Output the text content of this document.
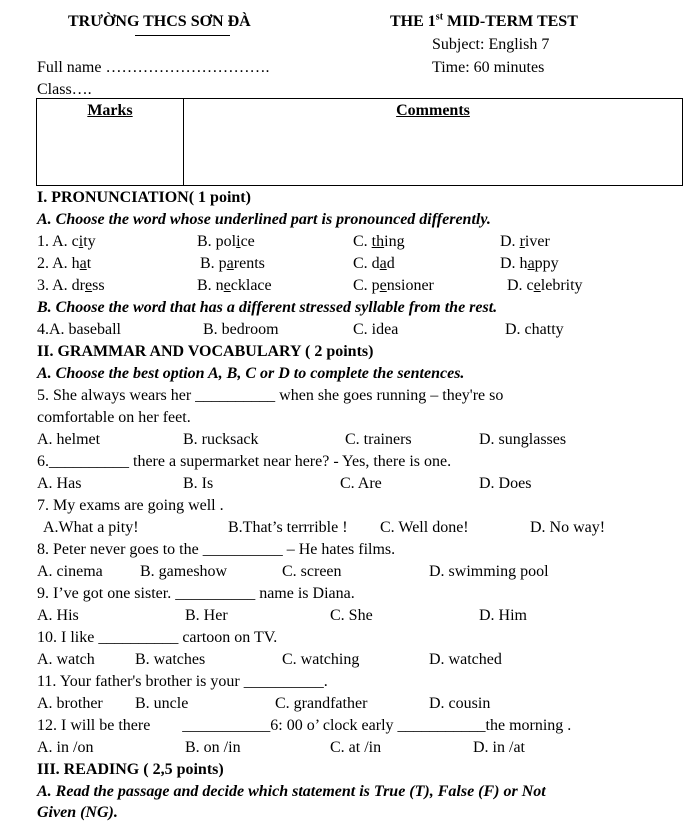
TRƯỜNG THCS SƠN ĐÀ	THE 1st MID-TERM TEST
Subject: English 7
Full name ………………………….	Time: 60 minutes
Class….
Marks	Comments
I. PRONUNCIATION( 1 point)
A. Choose the word whose underlined part is pronounced differently.
1. A. city	B. police	C. thing	D. river
2. A. hat	B. parents	C. dad	D. happy
3. A. dress	B. necklace	C. pensioner	D. celebrity
B. Choose the word that has a different stressed syllable from the rest.
4.A. baseball	B. bedroom	C. idea	D. chatty
II. GRAMMAR AND VOCABULARY ( 2 points)
A. Choose the best option A, B, C or D to complete the sentences.
5. She always wears her __________ when she goes running – they're so
comfortable on her feet.
A. helmet	B. rucksack	C. trainers	D. sunglasses
6.__________ there a supermarket near here? - Yes, there is one.
A. Has	B. Is	C. Are	D. Does
7. My exams are going well .
A.What a pity!	B.That’s terrrible ! C. Well done!	D. No way!
8. Peter never goes to the __________ – He hates films.
A. cinema B. gameshow	C. screen	D. swimming pool
9. I’ve got one sister. __________ name is Diana.
A. His	B. Her	C. She	D. Him
10. I like __________ cartoon on TV.
A. watch	B. watches	C. watching	D. watched
11. Your father's brother is your __________.
A. brother B. uncle	C. grandfather	D. cousin
12. I will be there ___________6: 00 o’ clock early ___________the morning .
A. in /on	B. on /in	C. at /in	D. in /at
III. READING ( 2,5 points)
A. Read the passage and decide which statement is True (T), False (F) or Not
Given (NG).
